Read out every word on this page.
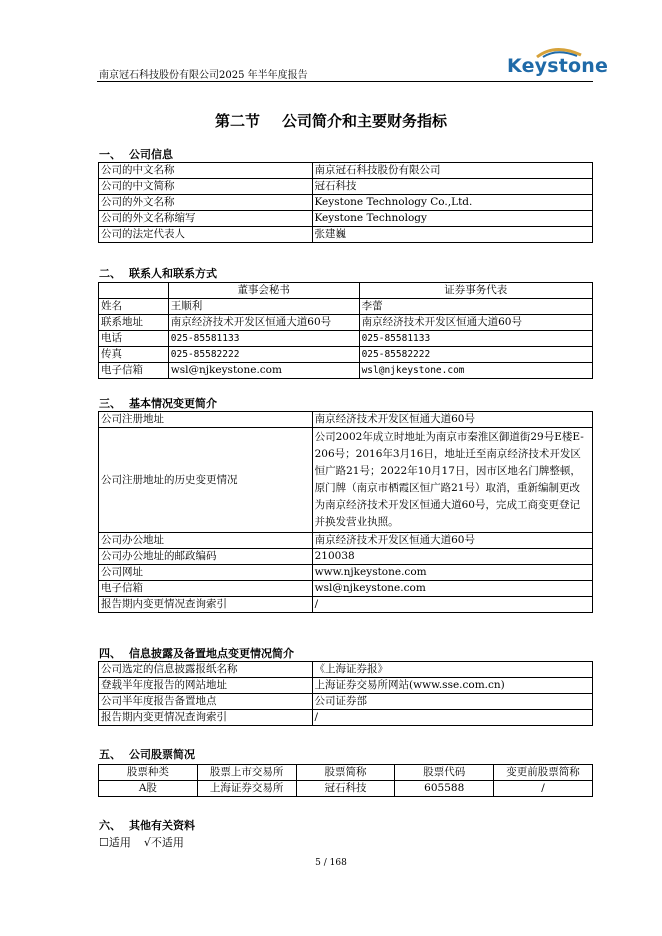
南京冠石科技股份有限公司2025 年半年度报告	Keystone
第二节 公司简介和主要财务指标
一、 公司信息
公司的中文名称	南京冠石科技股份有限公司
公司的中文简称	冠石科技
公司的外文名称	Keystone Technology Co.,Ltd.
公司的外文名称缩写	Keystone Technology
公司的法定代表人	张建巍
二、 联系人和联系方式
	董事会秘书	证券事务代表
姓名	王顺利	李蕾
联系地址	南京经济技术开发区恒通大道60号	南京经济技术开发区恒通大道60号
电话	025-85581133	025-85581133
传真	025-85582222	025-85582222
电子信箱	wsl@njkeystone.com	wsl@njkeystone.com
三、 基本情况变更简介
公司注册地址	南京经济技术开发区恒通大道60号
公司注册地址的历史变更情况	公司2002年成立时地址为南京市秦淮区御道街29号E楼E-206号；2016年3月16日，地址迁至南京经济技术开发区恒广路21号；2022年10月17日，因市区地名门牌整顿，原门牌（南京市栖霞区恒广路21号）取消，重新编制更改为南京经济技术开发区恒通大道60号，完成工商变更登记并换发营业执照。
公司办公地址	南京经济技术开发区恒通大道60号
公司办公地址的邮政编码	210038
公司网址	www.njkeystone.com
电子信箱	wsl@njkeystone.com
报告期内变更情况查询索引	/
四、 信息披露及备置地点变更情况简介
公司选定的信息披露报纸名称	《上海证券报》
登载半年度报告的网站地址	上海证券交易所网站(www.sse.com.cn)
公司半年度报告备置地点	公司证券部
报告期内变更情况查询索引	/
五、 公司股票简况
股票种类	股票上市交易所	股票简称	股票代码	变更前股票简称
A股	上海证券交易所	冠石科技	605588	/
六、 其他有关资料
☐适用 √不适用
5 / 168
